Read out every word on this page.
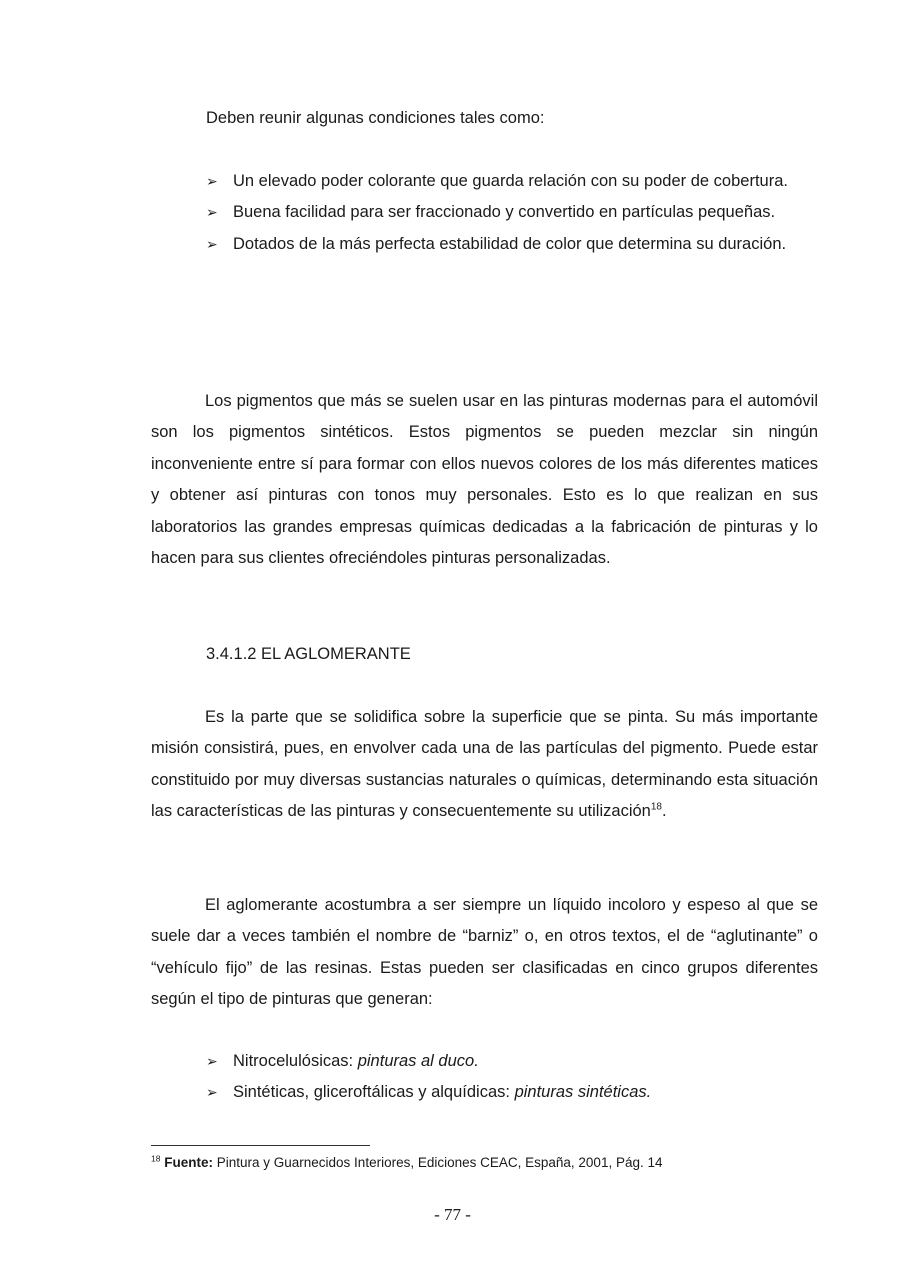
Deben reunir algunas condiciones tales como:

➢ Un elevado poder colorante que guarda relación con su poder de cobertura.
➢ Buena facilidad para ser fraccionado y convertido en partículas pequeñas.
➢ Dotados de la más perfecta estabilidad de color que determina su duración.

Los pigmentos que más se suelen usar en las pinturas modernas para el automóvil son los pigmentos sintéticos. Estos pigmentos se pueden mezclar sin ningún inconveniente entre sí para formar con ellos nuevos colores de los más diferentes matices y obtener así pinturas con tonos muy personales. Esto es lo que realizan en sus laboratorios las grandes empresas químicas dedicadas a la fabricación de pinturas y lo hacen para sus clientes ofreciéndoles pinturas personalizadas.

3.4.1.2 EL AGLOMERANTE

Es la parte que se solidifica sobre la superficie que se pinta. Su más importante misión consistirá, pues, en envolver cada una de las partículas del pigmento. Puede estar constituido por muy diversas sustancias naturales o químicas, determinando esta situación las características de las pinturas y consecuentemente su utilización$^{18}$.

El aglomerante acostumbra a ser siempre un líquido incoloro y espeso al que se suele dar a veces también el nombre de “barniz” o, en otros textos, el de “aglutinante” o “vehículo fijo” de las resinas. Estas pueden ser clasificadas en cinco grupos diferentes según el tipo de pinturas que generan:

➢ Nitrocelulósicas: pinturas al duco.
➢ Sintéticas, gliceroftálicas y alquídicas: pinturas sintéticas.

$^{18}$ Fuente: Pintura y Guarnecidos Interiores, Ediciones CEAC, España, 2001, Pág. 14

- 77 -
